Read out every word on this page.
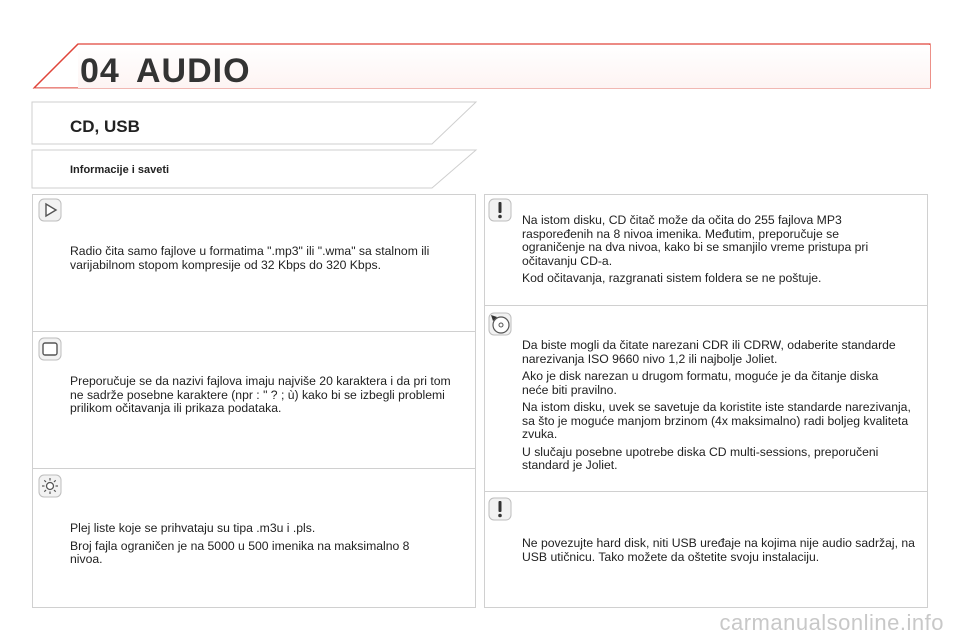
04 AUDIO
CD, USB
Informacije i saveti

Radio čita samo fajlove u formatima ".mp3" ili ".wma" sa stalnom ili varijabilnom stopom kompresije od 32 Kbps do 320 Kbps.

Preporučuje se da nazivi fajlova imaju najviše 20 karaktera i da pri tom ne sadrže posebne karaktere (npr : " ? ; ù) kako bi se izbegli problemi prilikom očitavanja ili prikaza podataka.

Plej liste koje se prihvataju su tipa .m3u i .pls.

Broj fajla ograničen je na 5000 u 500 imenika na maksimalno 8 nivoa.

Na istom disku, CD čitač može da očita do 255 fajlova MP3 raspoređenih na 8 nivoa imenika. Međutim, preporučuje se ograničenje na dva nivoa, kako bi se smanjilo vreme pristupa pri očitavanju CD-a.

Kod očitavanja, razgranati sistem foldera se ne poštuje.

Da biste mogli da čitate narezani CDR ili CDRW, odaberite standarde narezivanja ISO 9660 nivo 1,2 ili najbolje Joliet.

Ako je disk narezan u drugom formatu, moguće je da čitanje diska neće biti pravilno.

Na istom disku, uvek se savetuje da koristite iste standarde narezivanja, sa što je moguće manjom brzinom (4x maksimalno) radi boljeg kvaliteta zvuka.

U slučaju posebne upotrebe diska CD multi-sessions, preporučeni standard je Joliet.

Ne povezujte hard disk, niti USB uređaje na kojima nije audio sadržaj, na USB utičnicu. Tako možete da oštetite svoju instalaciju.

carmanualsonline.info
